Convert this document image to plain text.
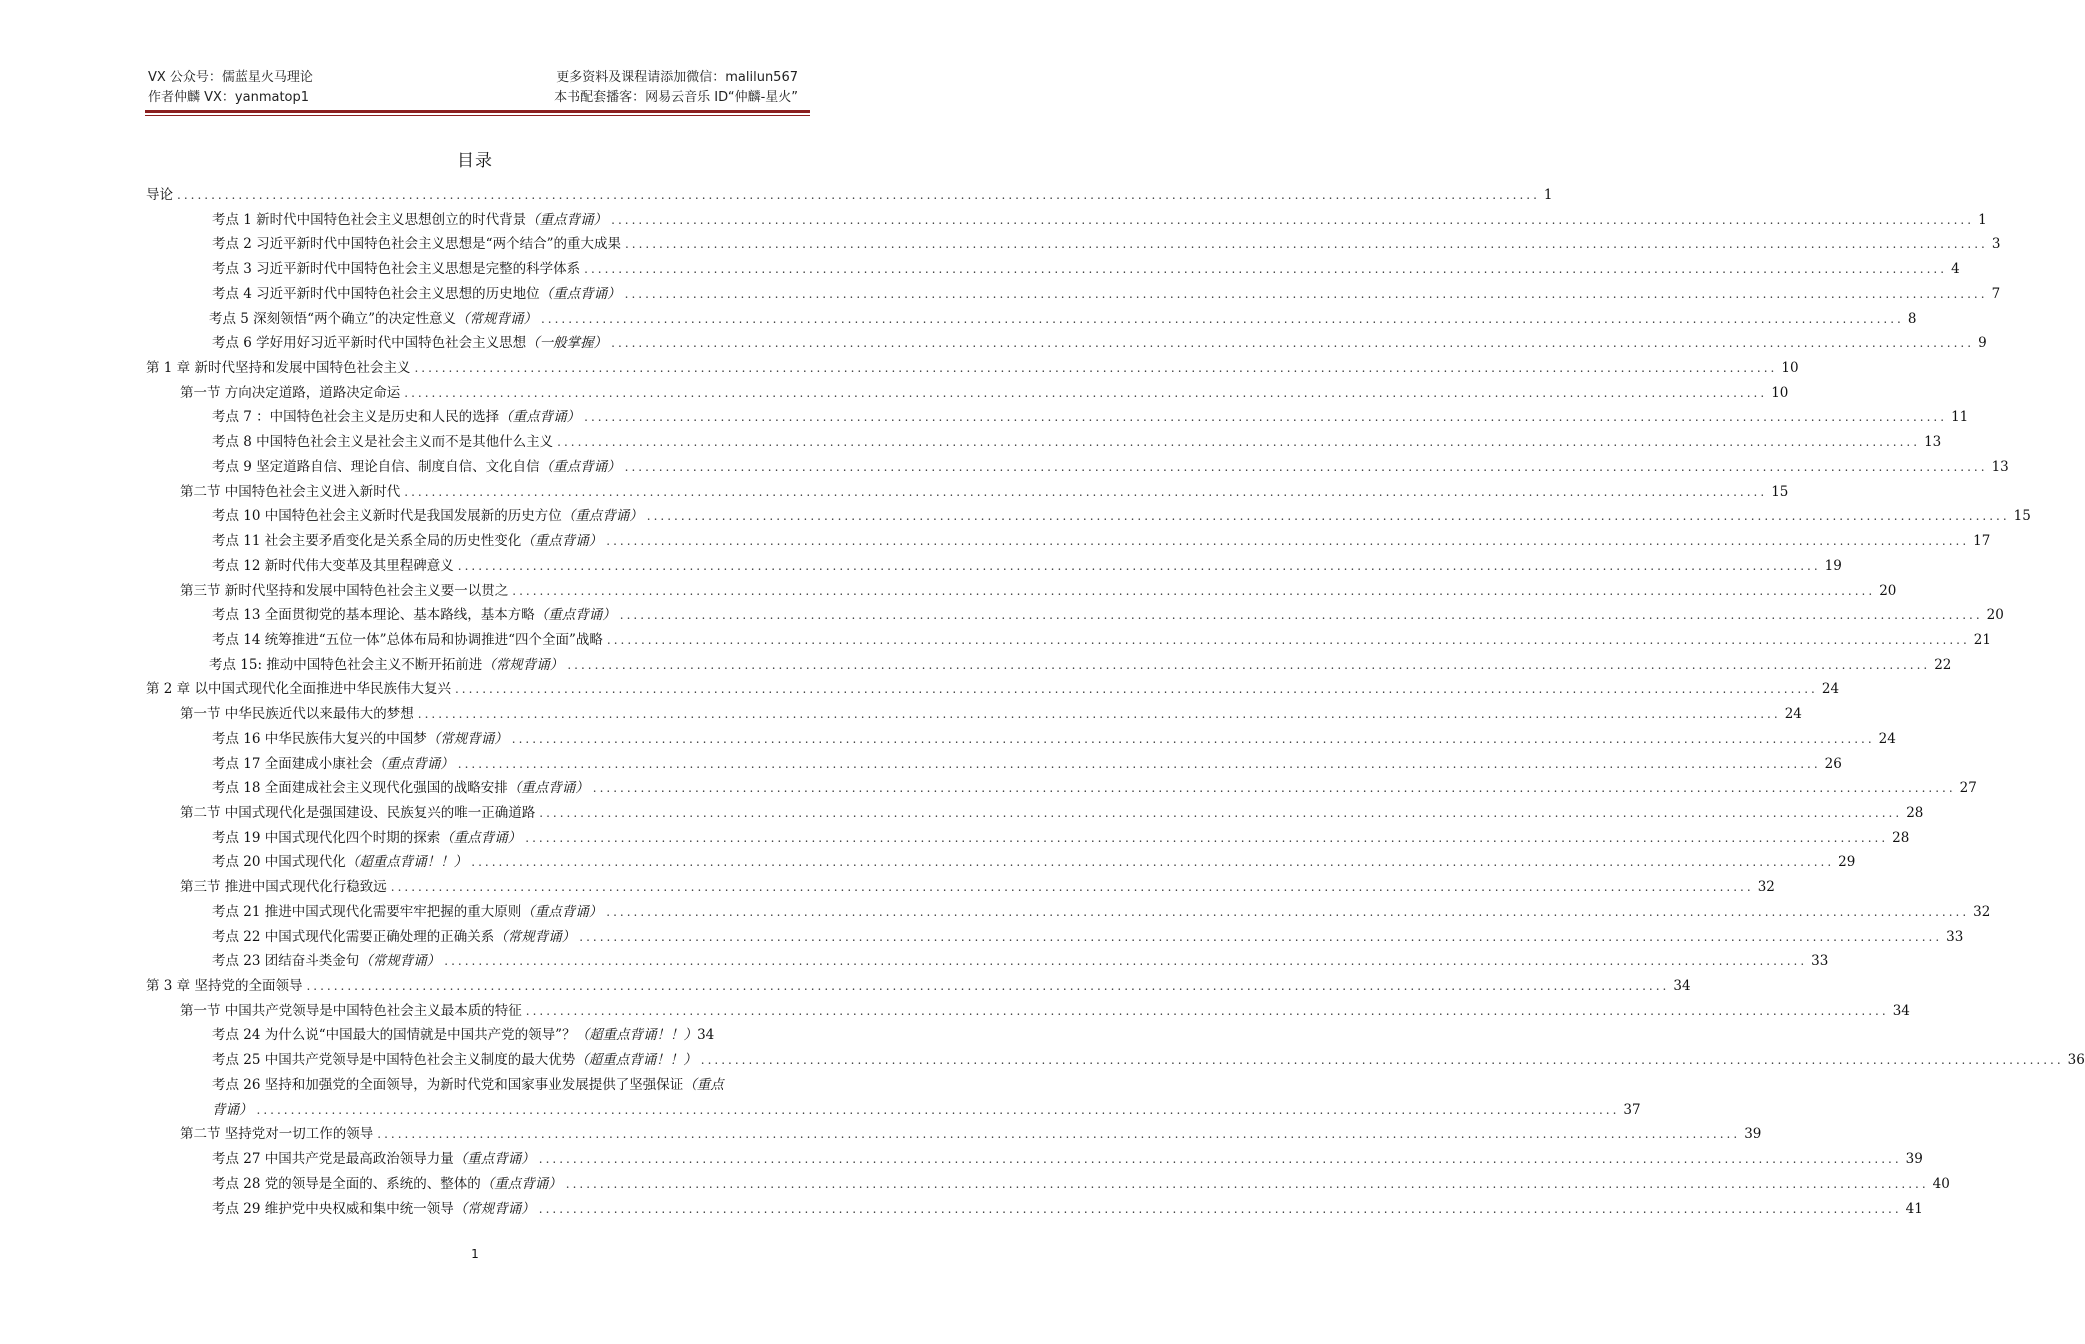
VX 公众号：儒蓝星火马理论	更多资料及课程请添加微信：malilun567
作者仲麟 VX：yanmatop1	本书配套播客：网易云音乐 ID“仲麟-星火”
目录
导论 ........................................................................................................................................................................................................ 1
考点 1 新时代中国特色社会主义思想创立的时代背景（重点背诵） ........................................................................................................................................................................................................ 1
考点 2 习近平新时代中国特色社会主义思想是“两个结合”的重大成果 ........................................................................................................................................................................................................ 3
考点 3 习近平新时代中国特色社会主义思想是完整的科学体系 ........................................................................................................................................................................................................ 4
考点 4 习近平新时代中国特色社会主义思想的历史地位（重点背诵） ........................................................................................................................................................................................................ 7
考点 5 深刻领悟“两个确立”的决定性意义（常规背诵） ........................................................................................................................................................................................................ 8
考点 6 学好用好习近平新时代中国特色社会主义思想（一般掌握） ........................................................................................................................................................................................................ 9
第 1 章 新时代坚持和发展中国特色社会主义 ........................................................................................................................................................................................................ 10
第一节 方向决定道路，道路决定命运 ........................................................................................................................................................................................................ 10
考点 7 ：中国特色社会主义是历史和人民的选择（重点背诵） ........................................................................................................................................................................................................ 11
考点 8 中国特色社会主义是社会主义而不是其他什么主义 ........................................................................................................................................................................................................ 13
考点 9 坚定道路自信、理论自信、制度自信、文化自信（重点背诵） ........................................................................................................................................................................................................ 13
第二节 中国特色社会主义进入新时代 ........................................................................................................................................................................................................ 15
考点 10 中国特色社会主义新时代是我国发展新的历史方位（重点背诵） ........................................................................................................................................................................................................ 15
考点 11 社会主要矛盾变化是关系全局的历史性变化（重点背诵） ........................................................................................................................................................................................................ 17
考点 12 新时代伟大变革及其里程碑意义 ........................................................................................................................................................................................................ 19
第三节 新时代坚持和发展中国特色社会主义要一以贯之 ........................................................................................................................................................................................................ 20
考点 13 全面贯彻党的基本理论、基本路线，基本方略（重点背诵） ........................................................................................................................................................................................................ 20
考点 14 统筹推进“五位一体”总体布局和协调推进“四个全面”战略 ........................................................................................................................................................................................................ 21
考点 15: 推动中国特色社会主义不断开拓前进（常规背诵） ........................................................................................................................................................................................................ 22
第 2 章 以中国式现代化全面推进中华民族伟大复兴 ........................................................................................................................................................................................................ 24
第一节 中华民族近代以来最伟大的梦想 ........................................................................................................................................................................................................ 24
考点 16 中华民族伟大复兴的中国梦（常规背诵） ........................................................................................................................................................................................................ 24
考点 17 全面建成小康社会（重点背诵） ........................................................................................................................................................................................................ 26
考点 18 全面建成社会主义现代化强国的战略安排（重点背诵） ........................................................................................................................................................................................................ 27
第二节 中国式现代化是强国建设、民族复兴的唯一正确道路 ........................................................................................................................................................................................................ 28
考点 19 中国式现代化四个时期的探索（重点背诵） ........................................................................................................................................................................................................ 28
考点 20 中国式现代化（超重点背诵！！） ........................................................................................................................................................................................................ 29
第三节 推进中国式现代化行稳致远 ........................................................................................................................................................................................................ 32
考点 21 推进中国式现代化需要牢牢把握的重大原则（重点背诵） ........................................................................................................................................................................................................ 32
考点 22 中国式现代化需要正确处理的正确关系（常规背诵） ........................................................................................................................................................................................................ 33
考点 23 团结奋斗类金句（常规背诵） ........................................................................................................................................................................................................ 33
第 3 章 坚持党的全面领导 ........................................................................................................................................................................................................ 34
第一节 中国共产党领导是中国特色社会主义最本质的特征 ........................................................................................................................................................................................................ 34
考点 24 为什么说“中国最大的国情就是中国共产党的领导”？（超重点背诵！！） 34
考点 25 中国共产党领导是中国特色社会主义制度的最大优势（超重点背诵！！） ........................................................................................................................................................................................................ 36
考点 26 坚持和加强党的全面领导，为新时代党和国家事业发展提供了坚强保证（重点
背诵） ........................................................................................................................................................................................................ 37
第二节 坚持党对一切工作的领导 ........................................................................................................................................................................................................ 39
考点 27 中国共产党是最高政治领导力量（重点背诵） ........................................................................................................................................................................................................ 39
考点 28 党的领导是全面的、系统的、整体的（重点背诵） ........................................................................................................................................................................................................ 40
考点 29 维护党中央权威和集中统一领导（常规背诵） ........................................................................................................................................................................................................ 41
1
